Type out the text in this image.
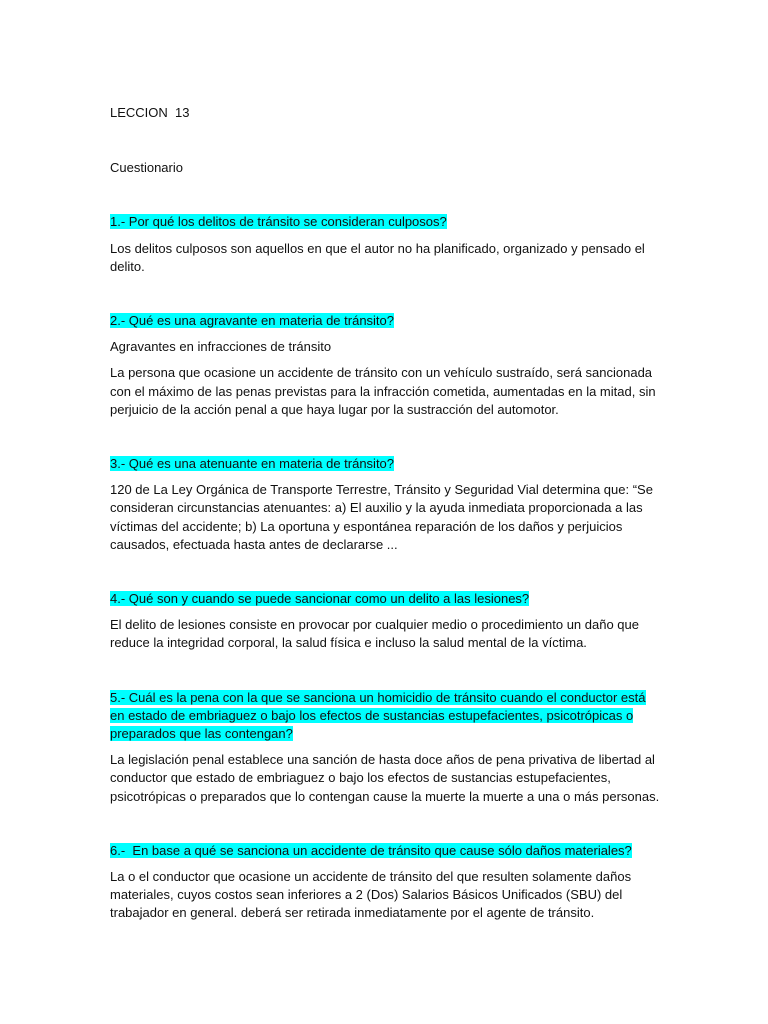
LECCION  13

Cuestionario

1.- Por qué los delitos de tránsito se consideran culposos?

Los delitos culposos son aquellos en que el autor no ha planificado, organizado y pensado el delito.

2.- Qué es una agravante en materia de tránsito?

Agravantes en infracciones de tránsito

La persona que ocasione un accidente de tránsito con un vehículo sustraído, será sancionada con el máximo de las penas previstas para la infracción cometida, aumentadas en la mitad, sin perjuicio de la acción penal a que haya lugar por la sustracción del automotor.

3.- Qué es una atenuante en materia de tránsito?

120 de La Ley Orgánica de Transporte Terrestre, Tránsito y Seguridad Vial determina que: “Se consideran circunstancias atenuantes: a) El auxilio y la ayuda inmediata proporcionada a las víctimas del accidente; b) La oportuna y espontánea reparación de los daños y perjuicios causados, efectuada hasta antes de declararse ...

4.- Qué son y cuando se puede sancionar como un delito a las lesiones?

El delito de lesiones consiste en provocar por cualquier medio o procedimiento un daño que reduce la integridad corporal, la salud física e incluso la salud mental de la víctima.

5.- Cuál es la pena con la que se sanciona un homicidio de tránsito cuando el conductor está en estado de embriaguez o bajo los efectos de sustancias estupefacientes, psicotrópicas o preparados que las contengan?

La legislación penal establece una sanción de hasta doce años de pena privativa de libertad al conductor que estado de embriaguez o bajo los efectos de sustancias estupefacientes, psicotrópicas o preparados que lo contengan cause la muerte la muerte a una o más personas.

6.-  En base a qué se sanciona un accidente de tránsito que cause sólo daños materiales?

La o el conductor que ocasione un accidente de tránsito del que resulten solamente daños materiales, cuyos costos sean inferiores a 2 (Dos) Salarios Básicos Unificados (SBU) del trabajador en general. deberá ser retirada inmediatamente por el agente de tránsito.
